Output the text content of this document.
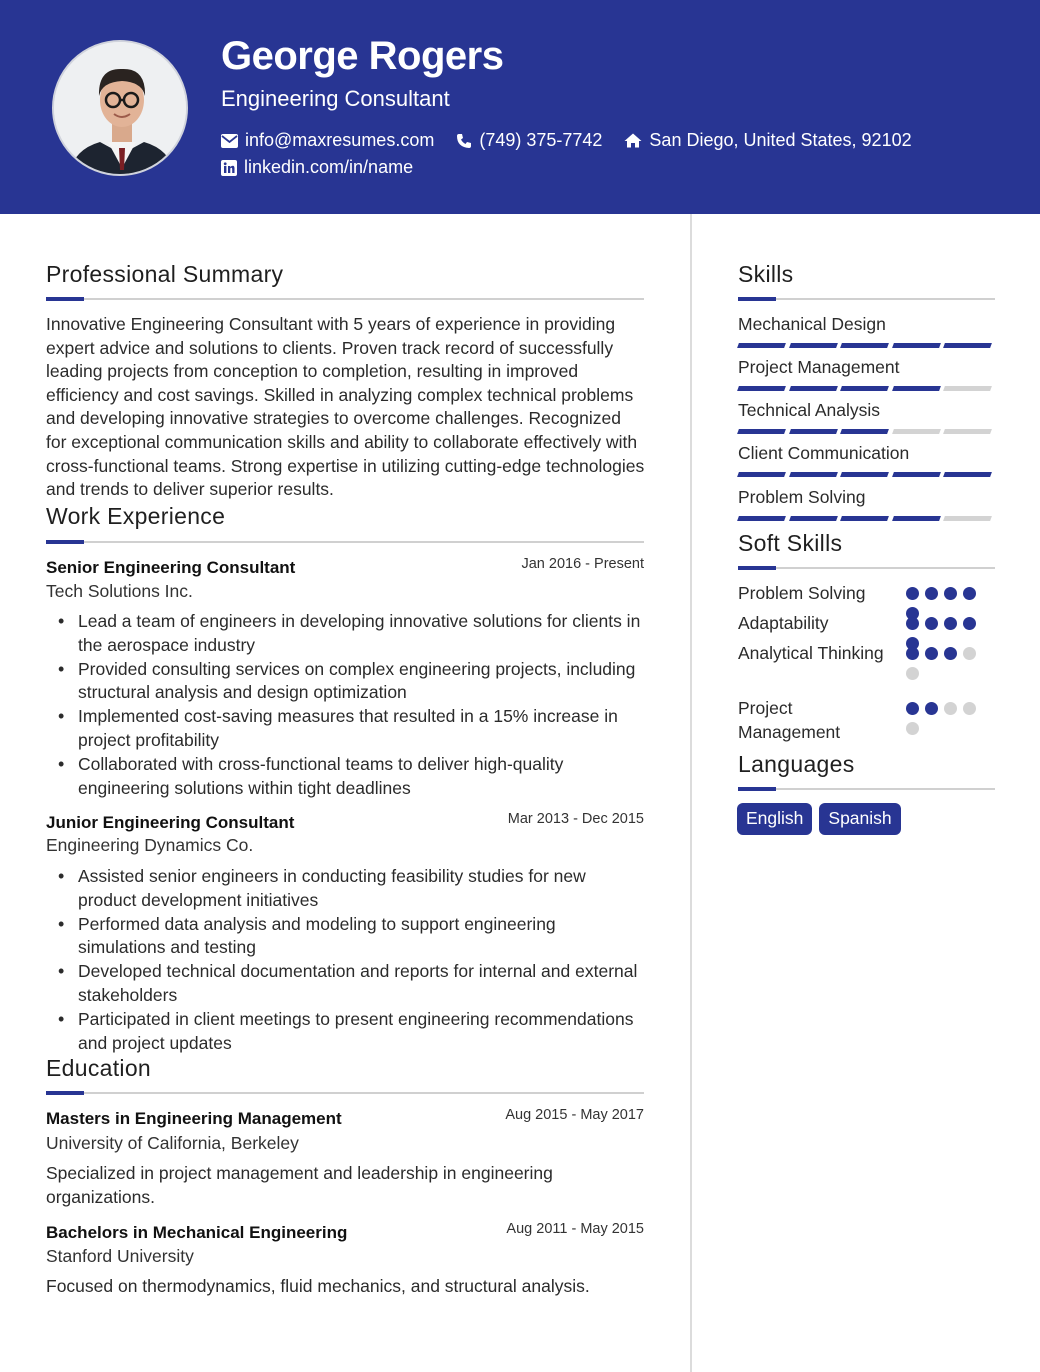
George Rogers
Engineering Consultant
info@maxresumes.com	(749) 375-7742	San Diego, United States, 92102
linkedin.com/in/name
Professional Summary
Innovative Engineering Consultant with 5 years of experience in providing expert advice and solutions to clients. Proven track record of successfully leading projects from conception to completion, resulting in improved efficiency and cost savings. Skilled in analyzing complex technical problems and developing innovative strategies to overcome challenges. Recognized for exceptional communication skills and ability to collaborate effectively with cross-functional teams. Strong expertise in utilizing cutting-edge technologies and trends to deliver superior results.
Work Experience
Senior Engineering Consultant	Jan 2016 - Present
Tech Solutions Inc.
• Lead a team of engineers in developing innovative solutions for clients in the aerospace industry
• Provided consulting services on complex engineering projects, including structural analysis and design optimization
• Implemented cost-saving measures that resulted in a 15% increase in project profitability
• Collaborated with cross-functional teams to deliver high-quality engineering solutions within tight deadlines
Junior Engineering Consultant	Mar 2013 - Dec 2015
Engineering Dynamics Co.
• Assisted senior engineers in conducting feasibility studies for new product development initiatives
• Performed data analysis and modeling to support engineering simulations and testing
• Developed technical documentation and reports for internal and external stakeholders
• Participated in client meetings to present engineering recommendations and project updates
Education
Masters in Engineering Management	Aug 2015 - May 2017
University of California, Berkeley
Specialized in project management and leadership in engineering organizations.
Bachelors in Mechanical Engineering	Aug 2011 - May 2015
Stanford University
Focused on thermodynamics, fluid mechanics, and structural analysis.
Skills
Mechanical Design
Project Management
Technical Analysis
Client Communication
Problem Solving
Soft Skills
Problem Solving
Adaptability
Analytical Thinking
Project Management
Languages
English	Spanish
